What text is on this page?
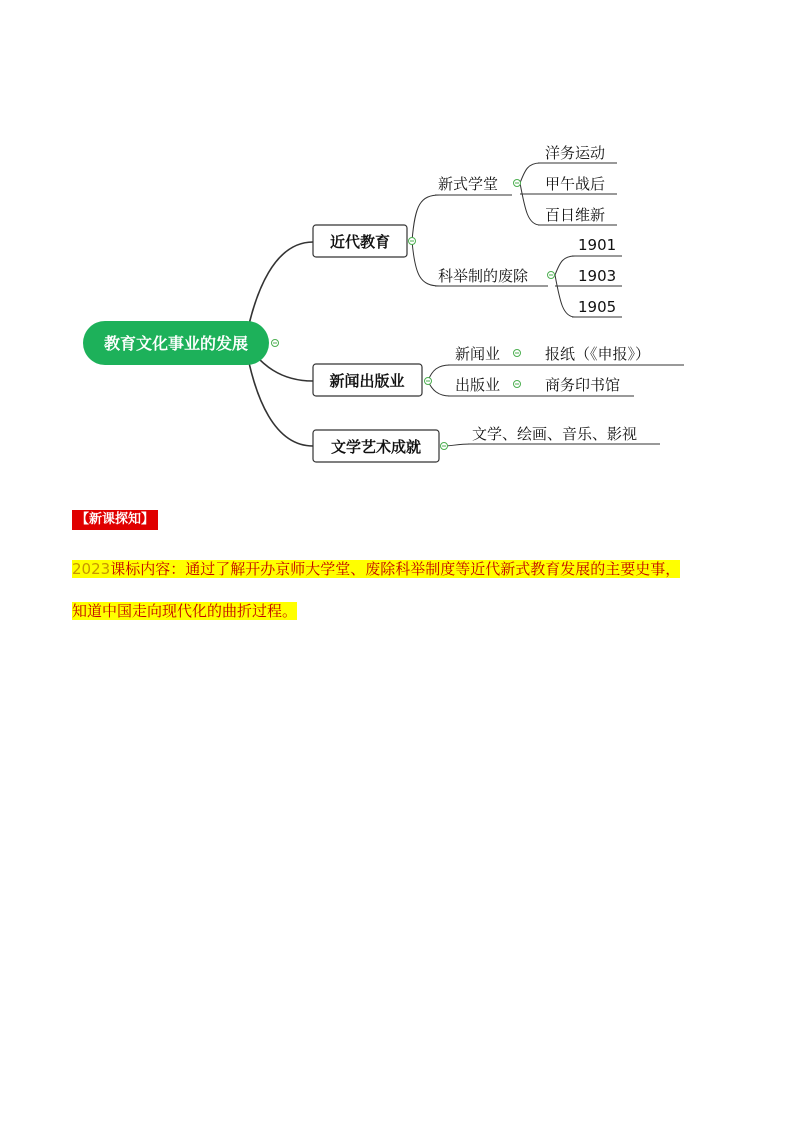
教育文化事业的发展
近代教育
新闻出版业
文学艺术成就
新式学堂
科举制的废除
新闻业
出版业
洋务运动
甲午战后
百日维新
1901
1903
1905
报纸（《申报》）
商务印书馆
文学、绘画、音乐、影视
【新课探知】
2023课标内容：通过了解开办京师大学堂、废除科举制度等近代新式教育发展的主要史事，
知道中国走向现代化的曲折过程。
